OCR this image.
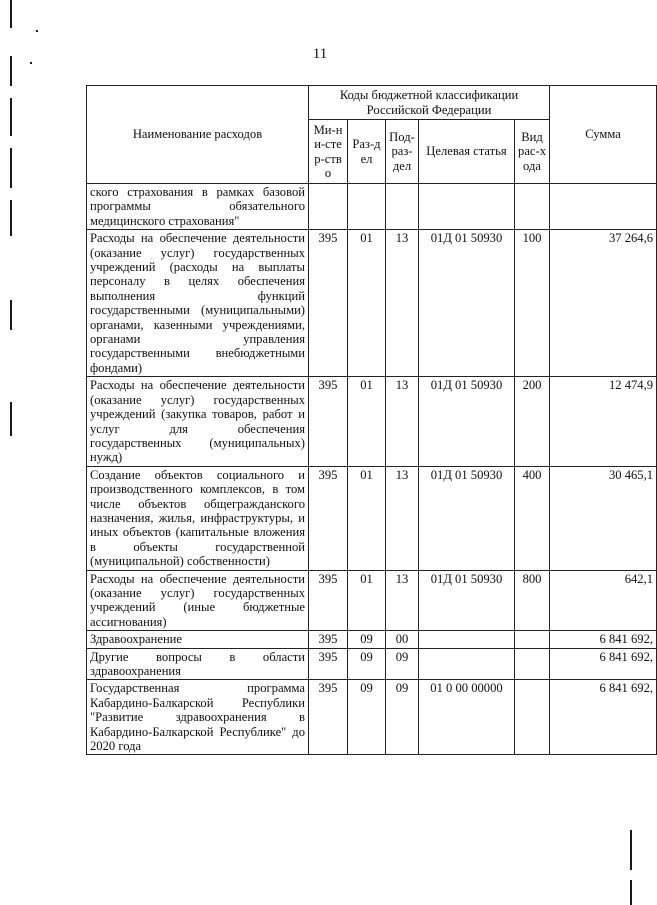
11
Наименование расходов	Коды бюджетной классификации Российской Федерации					Сумма
	Ми-ни-стер-ство	Раз-дел	Под-раз-дел	Целевая статья	Вид рас-хода	
ского страхования в рамках базовой программы обязательного медицинского страхования"						
Расходы на обеспечение деятельности (оказание услуг) государственных учреждений (расходы на выплаты персоналу в целях обеспечения выполнения функций государственными (муниципальными) органами, казенными учреждениями, органами управления государственными внебюджетными фондами)	395	01	13	01Д 01 50930	100	37 264,6
Расходы на обеспечение деятельности (оказание услуг) государственных учреждений (закупка товаров, работ и услуг для обеспечения государственных (муниципальных) нужд)	395	01	13	01Д 01 50930	200	12 474,9
Создание объектов социального и производственного комплексов, в том числе объектов общегражданского назначения, жилья, инфраструктуры, и иных объектов (капитальные вложения в объекты государственной (муниципальной) собственности)	395	01	13	01Д 01 50930	400	30 465,1
Расходы на обеспечение деятельности (оказание услуг) государственных учреждений (иные бюджетные ассигнования)	395	01	13	01Д 01 50930	800	642,1
Здравоохранение	395	09	00			6 841 692,
Другие вопросы в области здравоохранения	395	09	09			6 841 692,
Государственная программа Кабардино-Балкарской Республики "Развитие здравоохранения в Кабардино-Балкарской Республике" до 2020 года	395	09	09	01 0 00 00000		6 841 692,
